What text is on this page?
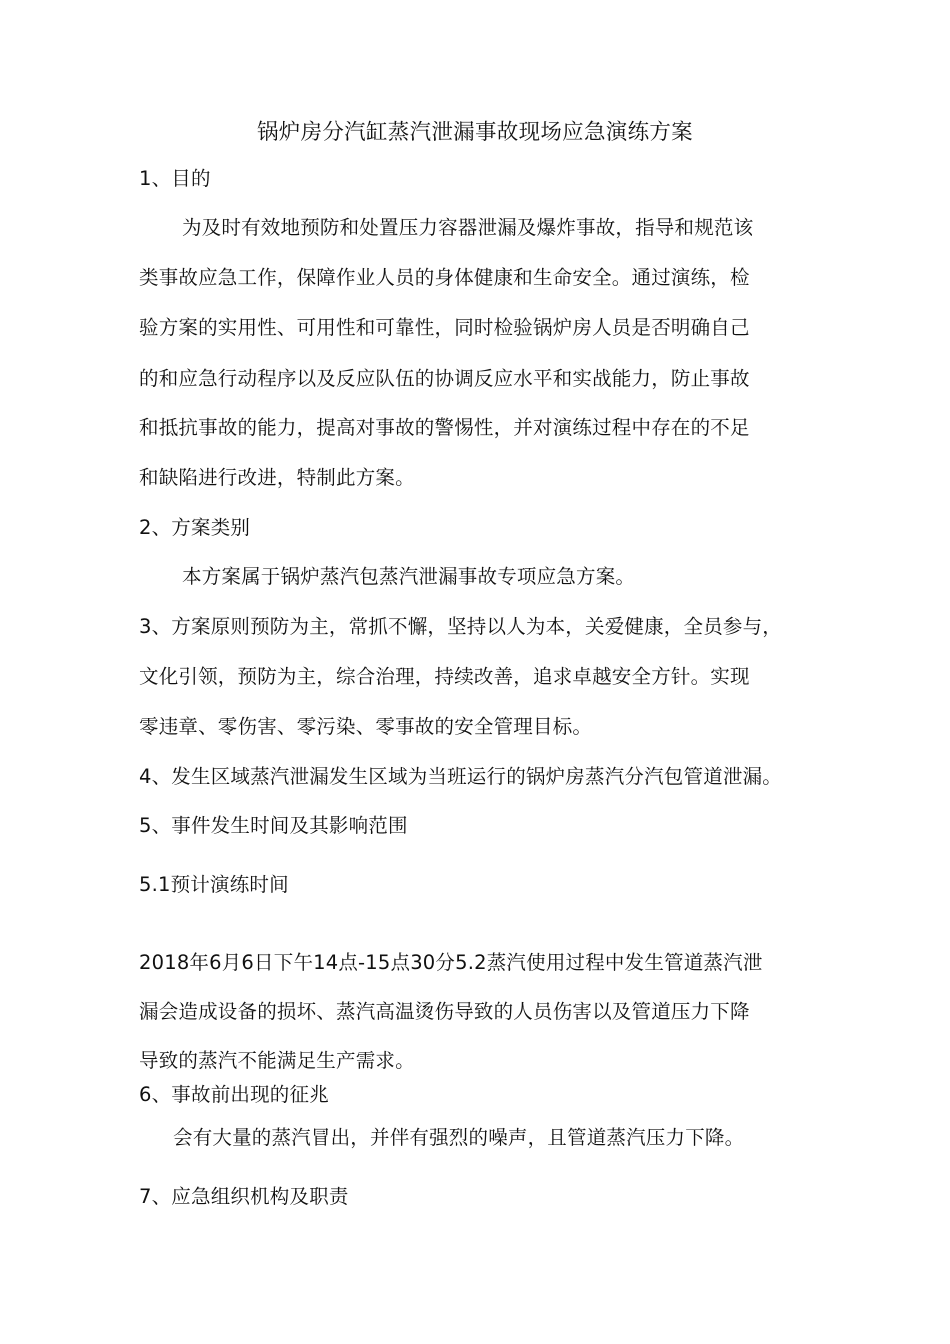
锅炉房分汽缸蒸汽泄漏事故现场应急演练方案
1、目的
为及时有效地预防和处置压力容器泄漏及爆炸事故，指导和规范该
类事故应急工作，保障作业人员的身体健康和生命安全。通过演练，检
验方案的实用性、可用性和可靠性，同时检验锅炉房人员是否明确自己
的和应急行动程序以及反应队伍的协调反应水平和实战能力，防止事故
和抵抗事故的能力，提高对事故的警惕性，并对演练过程中存在的不足
和缺陷进行改进，特制此方案。
2、方案类别
本方案属于锅炉蒸汽包蒸汽泄漏事故专项应急方案。
3、方案原则预防为主，常抓不懈，坚持以人为本，关爱健康，全员参与，
文化引领，预防为主，综合治理，持续改善，追求卓越安全方针。实现
零违章、零伤害、零污染、零事故的安全管理目标。
4、发生区域蒸汽泄漏发生区域为当班运行的锅炉房蒸汽分汽包管道泄漏。
5、事件发生时间及其影响范围
5.1预计演练时间
2018年6月6日下午14点-15点30分5.2蒸汽使用过程中发生管道蒸汽泄
漏会造成设备的损坏、蒸汽高温烫伤导致的人员伤害以及管道压力下降
导致的蒸汽不能满足生产需求。
6、事故前出现的征兆
会有大量的蒸汽冒出，并伴有强烈的噪声，且管道蒸汽压力下降。
7、应急组织机构及职责
